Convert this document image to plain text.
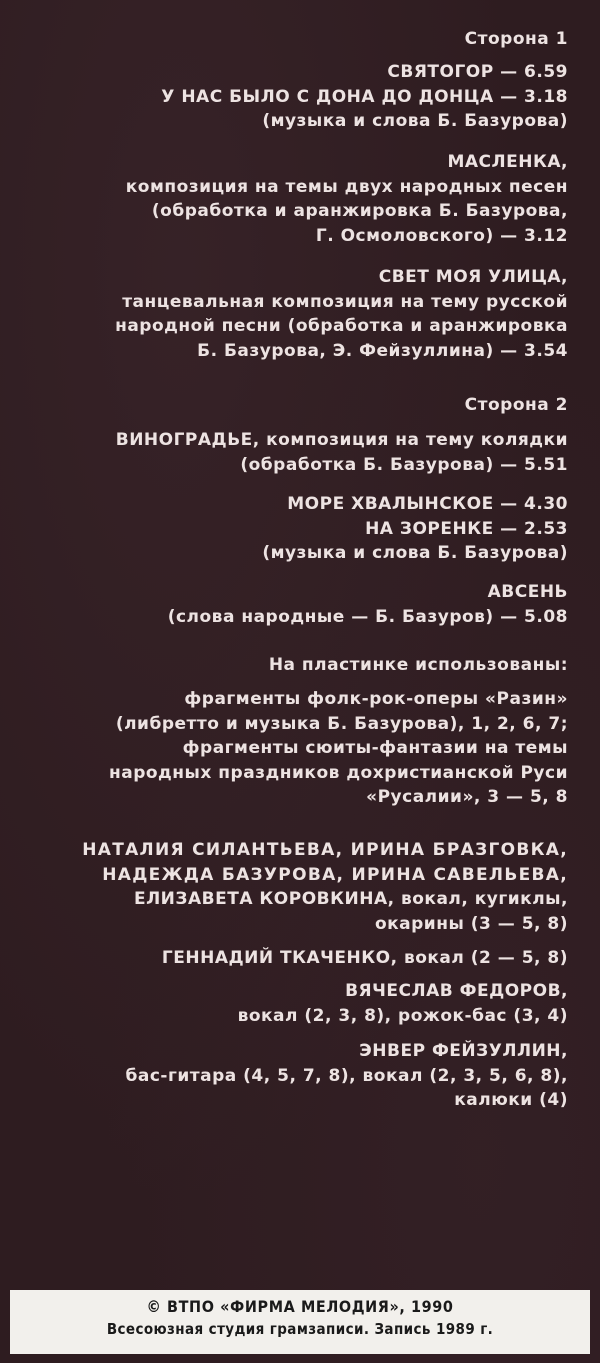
Сторона 1
СВЯТОГОР — 6.59
У НАС БЫЛО С ДОНА ДО ДОНЦА — 3.18
(музыка и слова Б. Базурова)
МАСЛЕНКА,
композиция на темы двух народных песен
(обработка и аранжировка Б. Базурова,
Г. Осмоловского) — 3.12
СВЕТ МОЯ УЛИЦА,
танцевальная композиция на тему русской
народной песни (обработка и аранжировка
Б. Базурова, Э. Фейзуллина) — 3.54
Сторона 2
ВИНОГРАДЬЕ, композиция на тему колядки
(обработка Б. Базурова) — 5.51
МОРЕ ХВАЛЫНСКОЕ — 4.30
НА ЗОРЕНКЕ — 2.53
(музыка и слова Б. Базурова)
АВСЕНЬ
(слова народные — Б. Базуров) — 5.08
На пластинке использованы:
фрагменты фолк-рок-оперы «Разин»
(либретто и музыка Б. Базурова), 1, 2, 6, 7;
фрагменты сюиты-фантазии на темы
народных праздников дохристианской Руси
«Русалии», 3 — 5, 8
НАТАЛИЯ СИЛАНТЬЕВА, ИРИНА БРАЗГОВКА,
НАДЕЖДА БАЗУРОВА, ИРИНА САВЕЛЬЕВА,
ЕЛИЗАВЕТА КОРОВКИНА, вокал, кугиклы,
окарины (3 — 5, 8)
ГЕННАДИЙ ТКАЧЕНКО, вокал (2 — 5, 8)
ВЯЧЕСЛАВ ФЕДОРОВ,
вокал (2, 3, 8), рожок-бас (3, 4)
ЭНВЕР ФЕЙЗУЛЛИН,
бас-гитара (4, 5, 7, 8), вокал (2, 3, 5, 6, 8),
калюки (4)
© ВТПО «ФИРМА МЕЛОДИЯ», 1990
Всесоюзная студия грамзаписи. Запись 1989 г.
